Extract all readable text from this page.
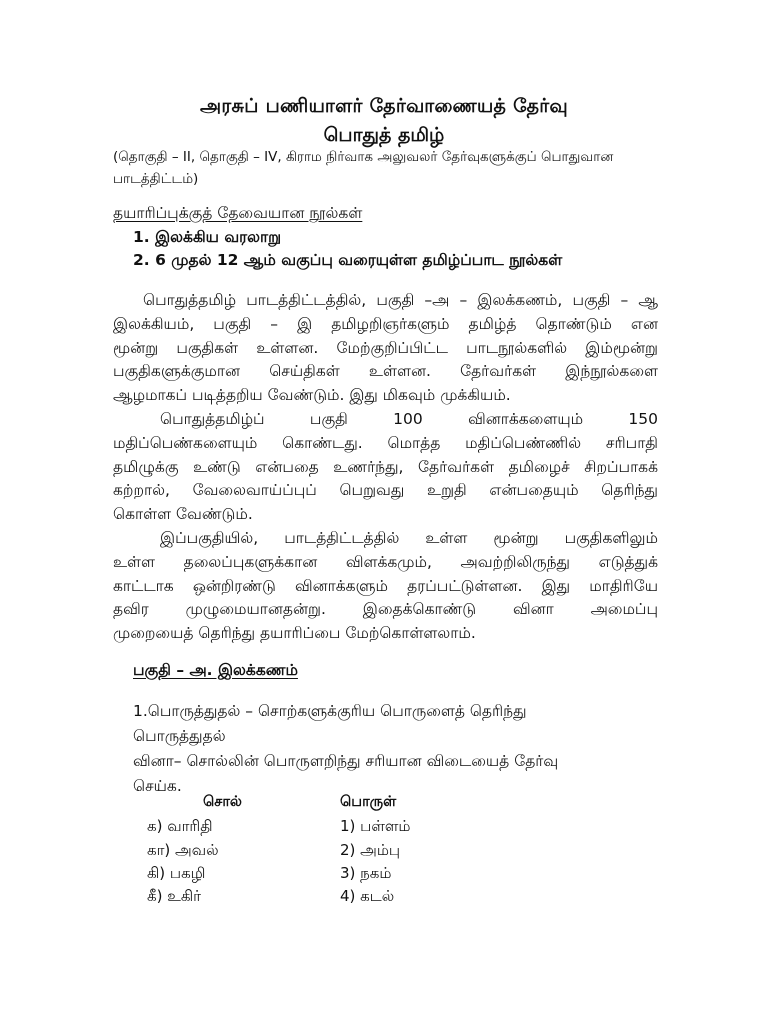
அரசுப் பணியாளர் தேர்வாணையத் தேர்வு
பொதுத் தமிழ்
(தொகுதி – II, தொகுதி – IV, கிராம நிர்வாக அலுவலர் தேர்வுகளுக்குப் பொதுவான
பாடத்திட்டம்)
தயாரிப்புக்குத் தேவையான நூல்கள்
1. இலக்கிய வரலாறு
2. 6 முதல் 12 ஆம் வகுப்பு வரையுள்ள தமிழ்ப்பாட நூல்கள்
பொதுத்தமிழ் பாடத்திட்டத்தில், பகுதி –அ – இலக்கணம், பகுதி – ஆ
இலக்கியம், பகுதி – இ தமிழறிஞர்களும் தமிழ்த் தொண்டும் என
மூன்று பகுதிகள் உள்ளன. மேற்குறிப்பிட்ட பாடநூல்களில் இம்மூன்று
பகுதிகளுக்குமான செய்திகள் உள்ளன. தேர்வர்கள் இந்நூல்களை
ஆழமாகப் படித்தறிய வேண்டும். இது மிகவும் முக்கியம்.
பொதுத்தமிழ்ப் பகுதி 100 வினாக்களையும் 150
மதிப்பெண்களையும் கொண்டது. மொத்த மதிப்பெண்ணில் சரிபாதி
தமிழுக்கு உண்டு என்பதை உணர்ந்து, தேர்வர்கள் தமிழைச் சிறப்பாகக்
கற்றால், வேலைவாய்ப்புப் பெறுவது உறுதி என்பதையும் தெரிந்து
கொள்ள வேண்டும்.
இப்பகுதியில், பாடத்திட்டத்தில் உள்ள மூன்று பகுதிகளிலும்
உள்ள தலைப்புகளுக்கான விளக்கமும், அவற்றிலிருந்து எடுத்துக்
காட்டாக ஒன்றிரண்டு வினாக்களும் தரப்பட்டுள்ளன. இது மாதிரியே
தவிர முழுமையானதன்று. இதைக்கொண்டு வினா அமைப்பு
முறையைத் தெரிந்து தயாரிப்பை மேற்கொள்ளலாம்.
பகுதி – அ. இலக்கணம்
1.பொருத்துதல் – சொற்களுக்குரிய பொருளைத் தெரிந்து
பொருத்துதல்
வினா– சொல்லின் பொருளறிந்து சரியான விடையைத் தேர்வு
செய்க.
சொல்	பொருள்
க) வாரிதி	1) பள்ளம்
கா) அவல்	2) அம்பு
கி) பகழி	3) நகம்
கீ) உகிர்	4) கடல்
